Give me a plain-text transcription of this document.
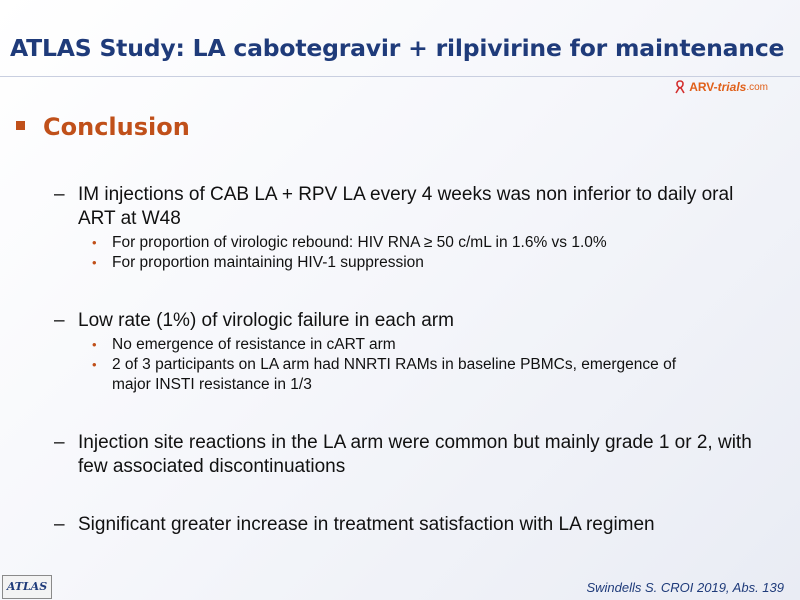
ATLAS Study: LA cabotegravir + rilpivirine for maintenance
ARV- trials .com
Conclusion
– IM injections of CAB LA + RPV LA every 4 weeks was non inferior to daily oral ART at W48
• For proportion of virologic rebound: HIV RNA ≥ 50 c/mL in 1.6% vs 1.0%
• For proportion maintaining HIV-1 suppression
– Low rate (1%) of virologic failure in each arm
• No emergence of resistance in cART arm
• 2 of 3 participants on LA arm had NNRTI RAMs in baseline PBMCs, emergence of major INSTI resistance in 1/3
– Injection site reactions in the LA arm were common but mainly grade 1 or 2, with few associated discontinuations
– Significant greater increase in treatment satisfaction with LA regimen
ATLAS	Swindells S. CROI 2019, Abs. 139
